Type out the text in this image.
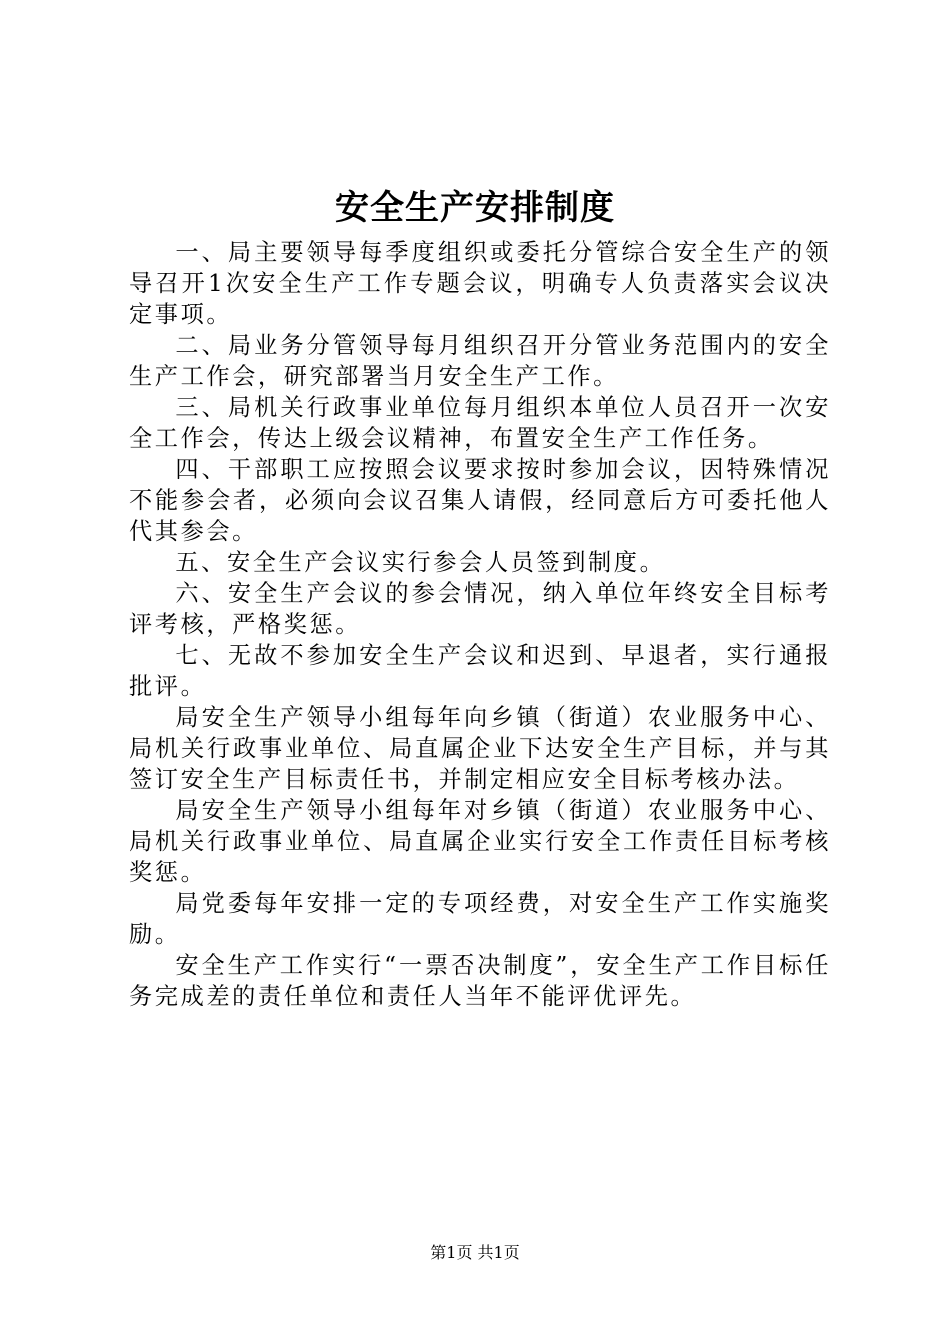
安全生产安排制度

一、局主要领导每季度组织或委托分管综合安全生产的领导召开1次安全生产工作专题会议，明确专人负责落实会议决定事项。

二、局业务分管领导每月组织召开分管业务范围内的安全生产工作会，研究部署当月安全生产工作。

三、局机关行政事业单位每月组织本单位人员召开一次安全工作会，传达上级会议精神，布置安全生产工作任务。

四、干部职工应按照会议要求按时参加会议，因特殊情况不能参会者，必须向会议召集人请假，经同意后方可委托他人代其参会。

五、安全生产会议实行参会人员签到制度。

六、安全生产会议的参会情况，纳入单位年终安全目标考评考核，严格奖惩。

七、无故不参加安全生产会议和迟到、早退者，实行通报批评。

局安全生产领导小组每年向乡镇（街道）农业服务中心、局机关行政事业单位、局直属企业下达安全生产目标，并与其签订安全生产目标责任书，并制定相应安全目标考核办法。

局安全生产领导小组每年对乡镇（街道）农业服务中心、局机关行政事业单位、局直属企业实行安全工作责任目标考核奖惩。

局党委每年安排一定的专项经费，对安全生产工作实施奖励。

安全生产工作实行“一票否决制度”，安全生产工作目标任务完成差的责任单位和责任人当年不能评优评先。

第1页 共1页
